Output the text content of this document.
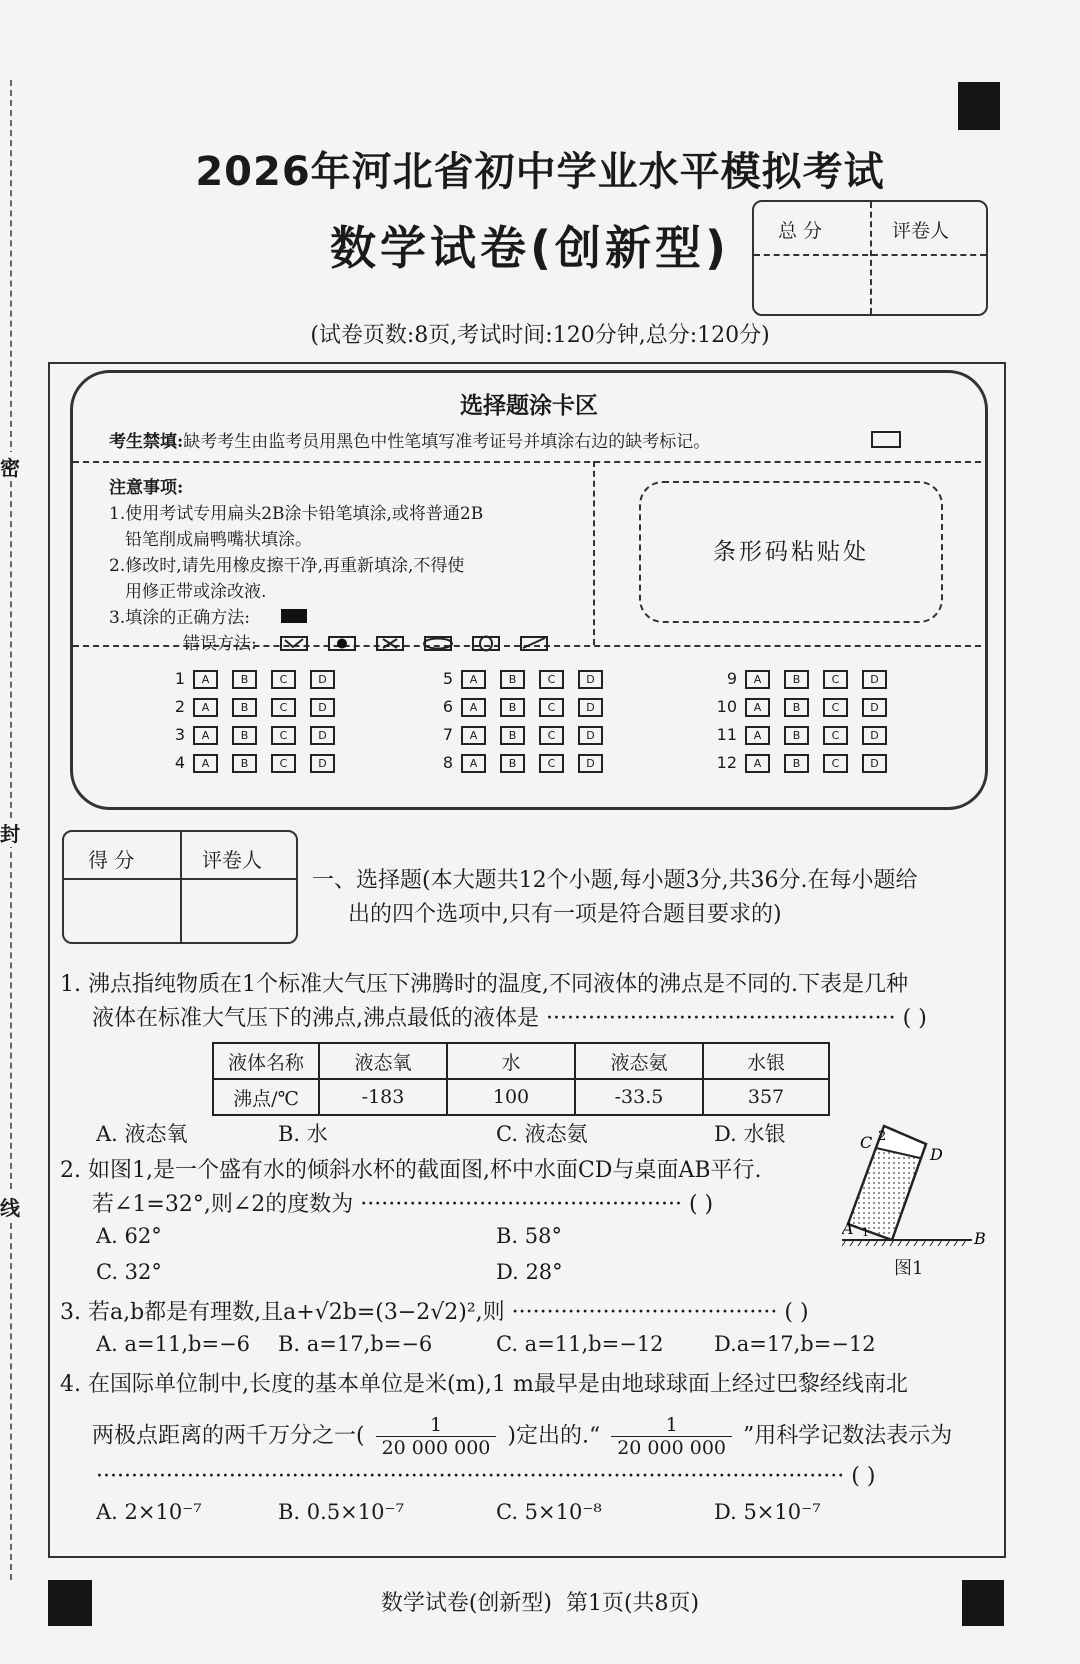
密
封
线
2026年河北省初中学业水平模拟考试
数学试卷(创新型)	总 分	评卷人
(试卷页数:8页,考试时间:120分钟,总分:120分)
选择题涂卡区
考生禁填:缺考考生由监考员用黑色中性笔填写准考证号并填涂右边的缺考标记。
注意事项:
1.使用考试专用扁头2B涂卡铅笔填涂,或将普通2B
铅笔削成扁鸭嘴状填涂。
2.修改时,请先用橡皮擦干净,再重新填涂,不得使
用修正带或涂改液.
3.填涂的正确方法:
错误方法:
条形码粘贴处
1 A	B	C	D
2 A	B	C	D
3 A	B	C	D
4 A	B	C	D
5 A	B	C	D
6 A	B	C	D
7 A	B	C	D
8 A	B	C	D
9 A	B	C	D
10 A	B	C	D
11 A	B	C	D
12 A	B	C	D
得 分	评卷人
一、选择题(本大题共12个小题,每小题3分,共36分.在每小题给
出的四个选项中,只有一项是符合题目要求的)
1. 沸点指纯物质在1个标准大气压下沸腾时的温度,不同液体的沸点是不同的.下表是几种
液体在标准大气压下的沸点,沸点最低的液体是 ·················································· ( )
液体名称	液态氧	水	液态氨	水银
沸点/℃	-183	100	-33.5	357
A. 液态氧	B. 水	C. 液态氨	D. 水银
2. 如图1,是一个盛有水的倾斜水杯的截面图,杯中水面CD与桌面AB平行.
若∠1=32°,则∠2的度数为 ·············································· ( )
A. 62°	B. 58°
C. 32°	D. 28°
C 2
D
A 1	B
图1
3. 若a,b都是有理数,且a+√2b=(3−2√2)²,则 ······································ ( )
A. a=11,b=−6 B. a=17,b=−6	C. a=11,b=−12 D.a=17,b=−12
4. 在国际单位制中,长度的基本单位是米(m),1 m最早是由地球球面上经过巴黎经线南北
两极点距离的两千万分之一( $\frac{1}{20 000 000}$ )定出的.“ $\frac{1}{20 000 000}$ ”用科学记数法表示为
··········································································································· ( )
A. 2×10⁻⁷	B. 0.5×10⁻⁷	C. 5×10⁻⁸	D. 5×10⁻⁷
数学试卷(创新型)  第1页(共8页)
